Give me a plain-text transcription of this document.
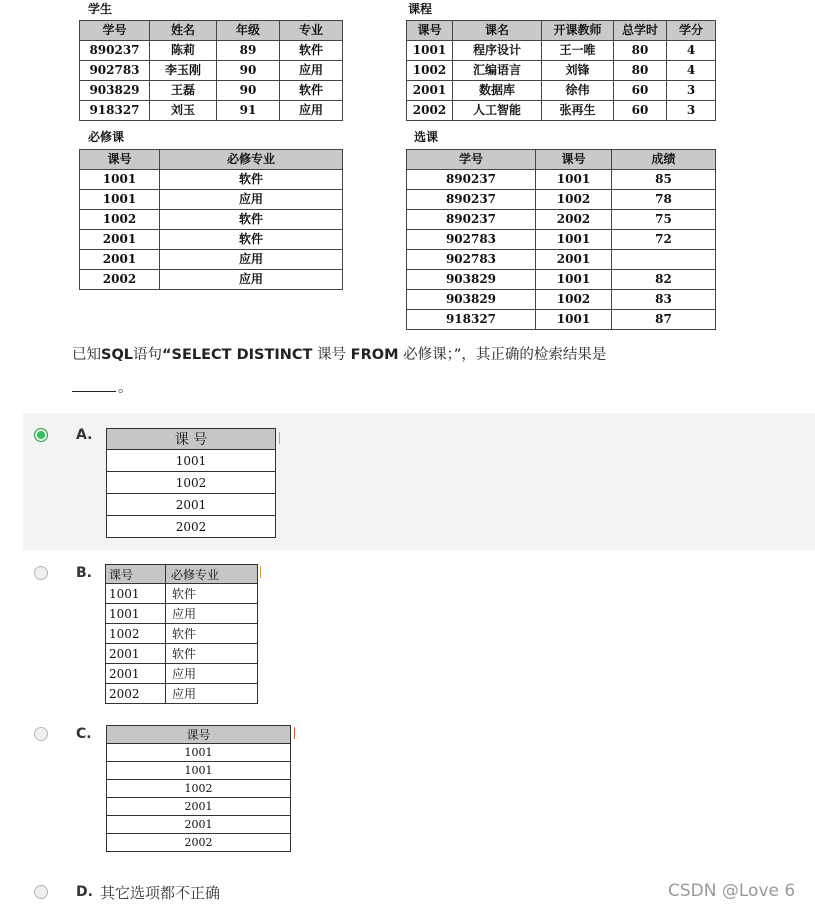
学生
学号	姓名	年级	专业
890237	陈莉	89	软件
902783	李玉刚	90	应用
903829	王磊	90	软件
918327	刘玉	91	应用
课程
课号	课名	开课教师	总学时	学分
1001	程序设计	王一唯	80	4
1002	汇编语言	刘锋	80	4
2001	数据库	徐伟	60	3
2002	人工智能	张再生	60	3
必修课
课号	必修专业
1001	软件
1001	应用
1002	软件
2001	软件
2001	应用
2002	应用
选课
学号	课号	成绩
890237	1001	85
890237	1002	78
890237	2002	75
902783	1001	72
902783	2001	
903829	1001	82
903829	1002	83
918327	1001	87
已知SQL语句“SELECT DISTINCT 课号 FROM 必修课；”，其正确的检索结果是
。
A.	课 号
1001
1002
2001
2002
B. 课号	必修专业
1001	软件
1001	应用
1002	软件
2001	软件
2001	应用
2002	应用
C.	课号
1001
1001
1002
2001
2001
2002
D. 其它选项都不正确	CSDN @Love 6
